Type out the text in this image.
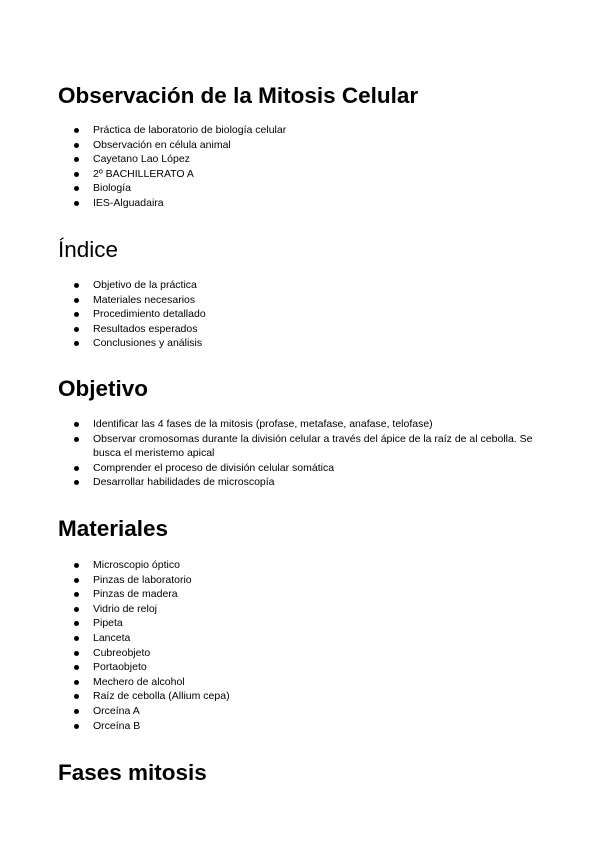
Observación de la Mitosis Celular
Práctica de laboratorio de biología celular
Observación en célula animal
Cayetano Lao López
2º BACHILLERATO A
Biología
IES-Alguadaira
Índice
Objetivo de la práctica
Materiales necesarios
Procedimiento detallado
Resultados esperados
Conclusiones y análisis
Objetivo
Identificar las 4 fases de la mitosis (profase, metafase, anafase, telofase)
Observar cromosomas durante la división celular a través del ápice de la raíz de al cebolla. Se busca el meristemo apical
Comprender el proceso de división celular somática
Desarrollar habilidades de microscopía
Materiales
Microscopio óptico
Pinzas de laboratorio
Pinzas de madera
Vidrio de reloj
Pipeta
Lanceta
Cubreobjeto
Portaobjeto
Mechero de alcohol
Raíz de cebolla (Allium cepa)
Orceína A
Orceína B
Fases mitosis
